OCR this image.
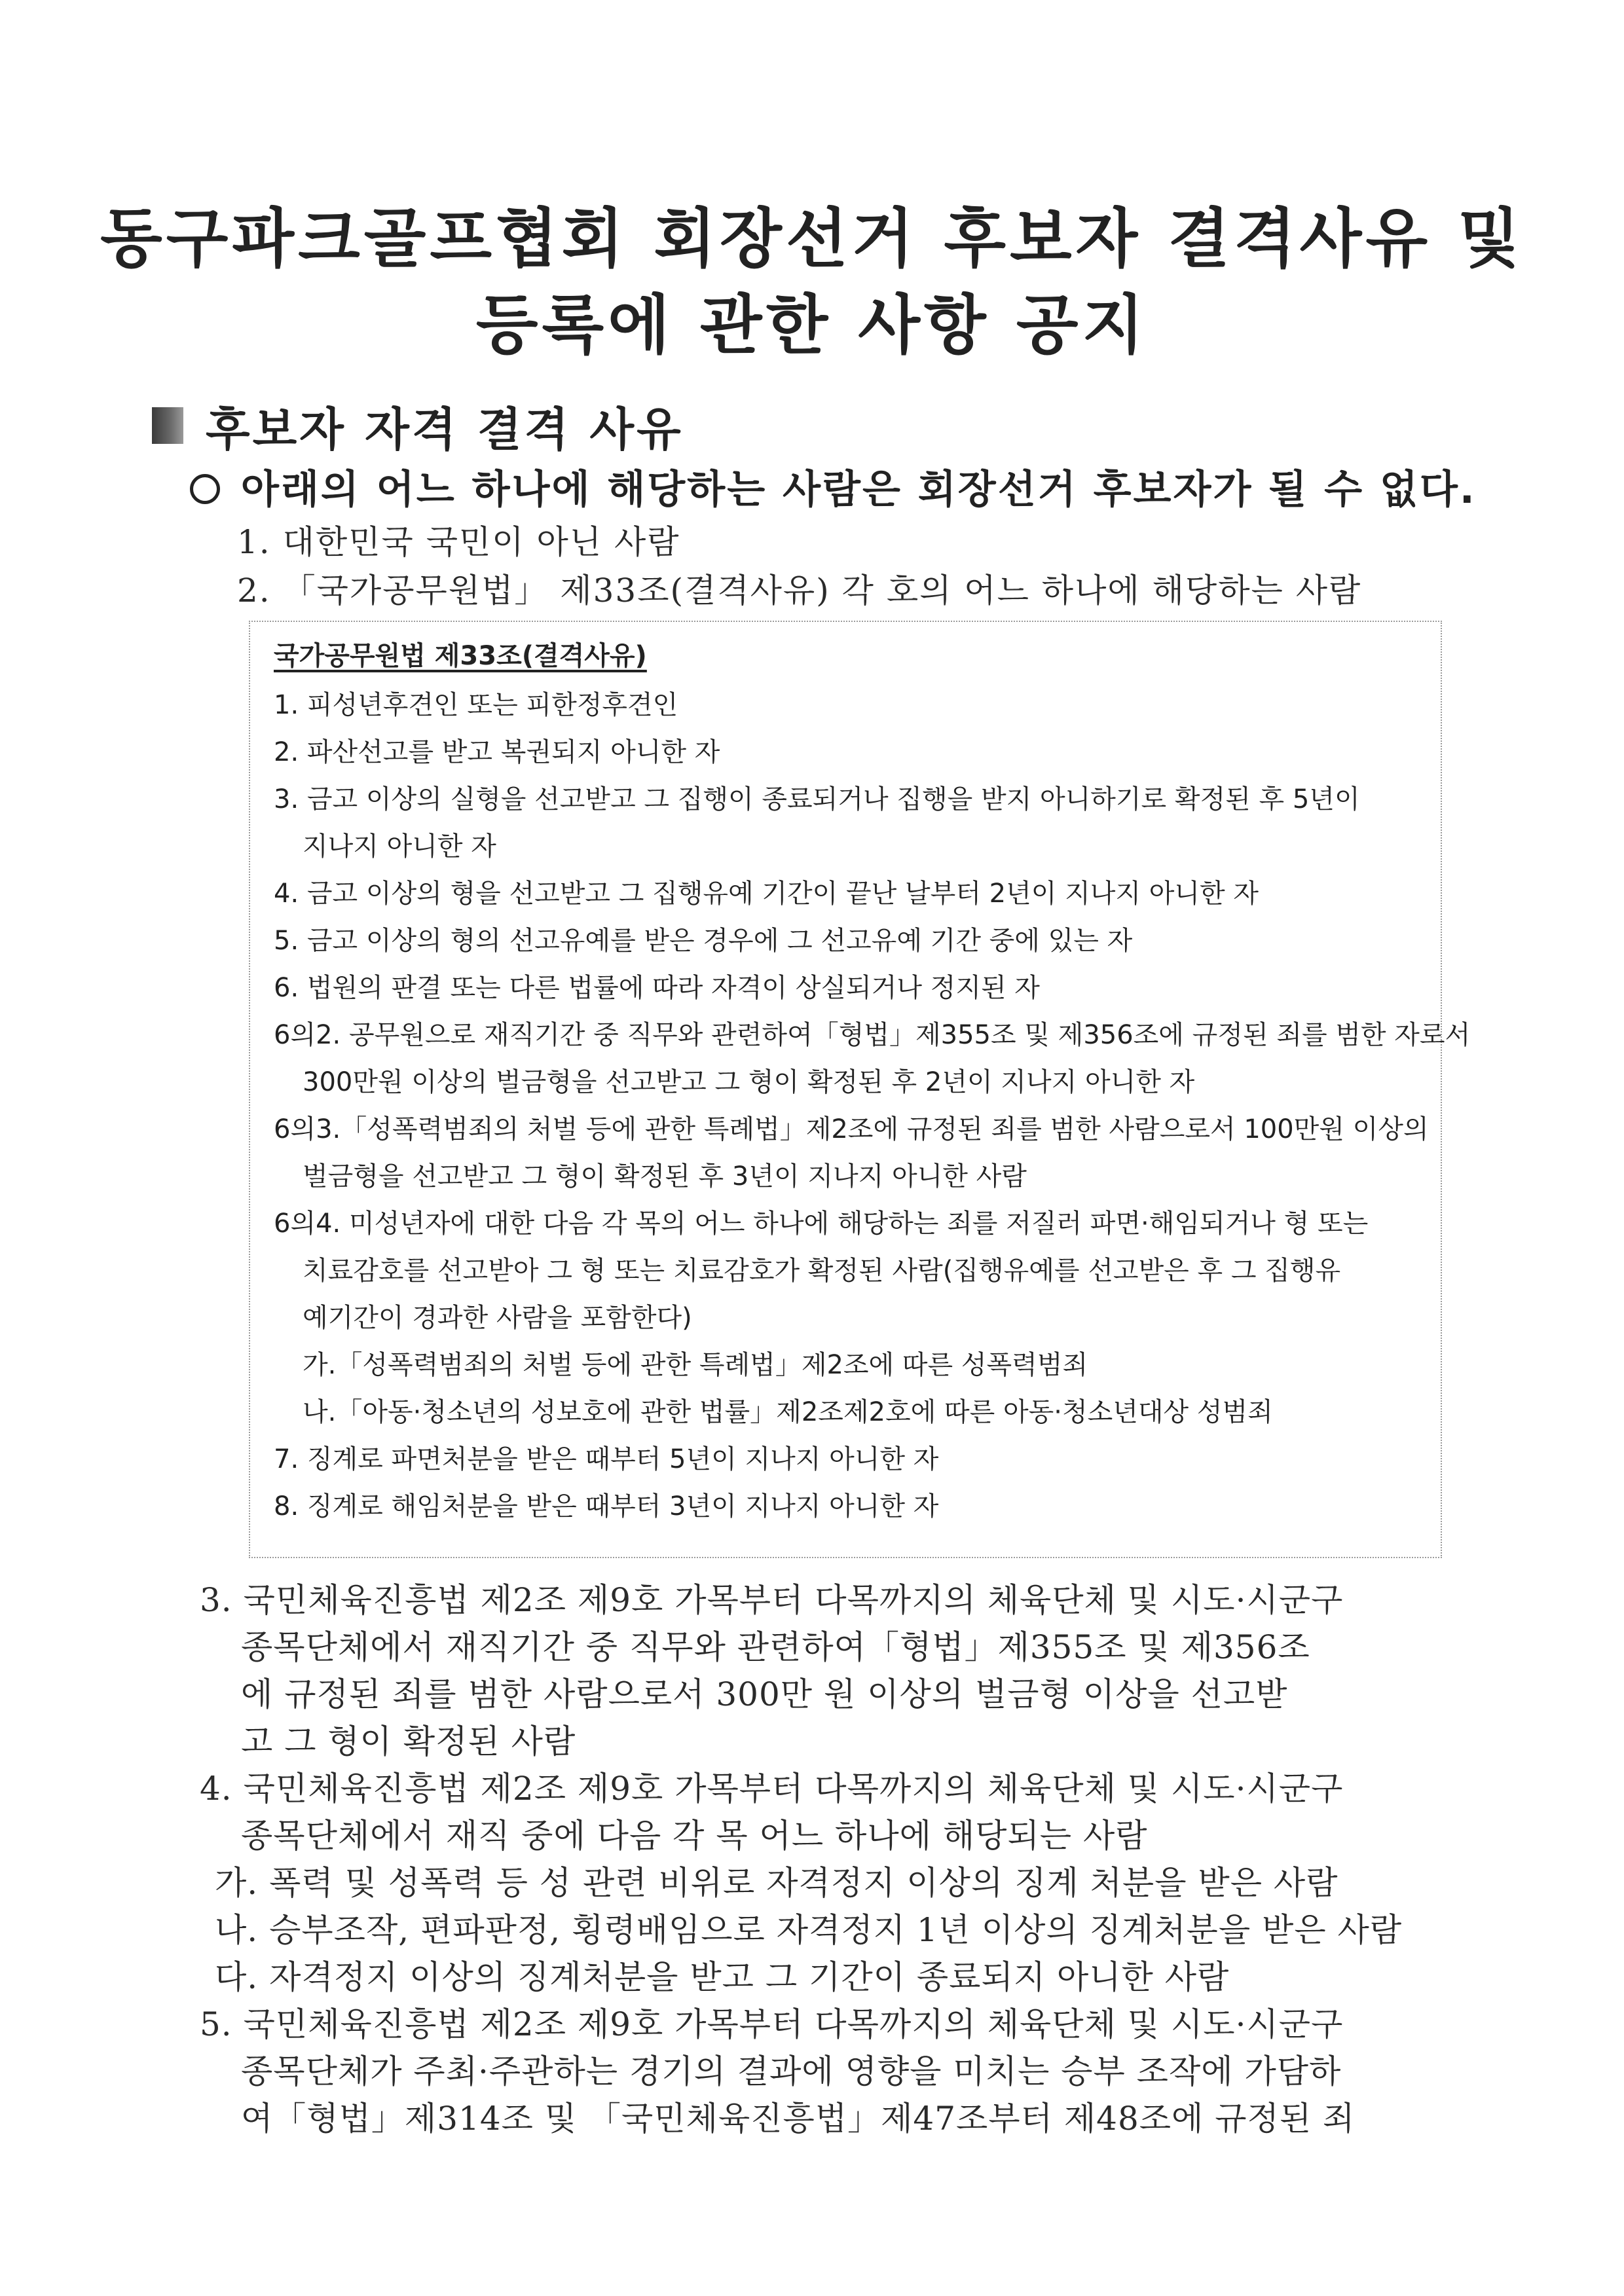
동구파크골프협회 회장선거 후보자 결격사유 및
등록에 관한 사항 공지
후보자 자격 결격 사유
아래의 어느 하나에 해당하는 사람은 회장선거 후보자가 될 수 없다.
1. 대한민국 국민이 아닌 사람
2. 「국가공무원법」 제33조(결격사유) 각 호의 어느 하나에 해당하는 사람
국가공무원법 제33조(결격사유)
1. 피성년후견인 또는 피한정후견인
2. 파산선고를 받고 복권되지 아니한 자
3. 금고 이상의 실형을 선고받고 그 집행이 종료되거나 집행을 받지 아니하기로 확정된 후 5년이
지나지 아니한 자
4. 금고 이상의 형을 선고받고 그 집행유예 기간이 끝난 날부터 2년이 지나지 아니한 자
5. 금고 이상의 형의 선고유예를 받은 경우에 그 선고유예 기간 중에 있는 자
6. 법원의 판결 또는 다른 법률에 따라 자격이 상실되거나 정지된 자
6의2. 공무원으로 재직기간 중 직무와 관련하여「형법」제355조 및 제356조에 규정된 죄를 범한 자로서
300만원 이상의 벌금형을 선고받고 그 형이 확정된 후 2년이 지나지 아니한 자
6의3.「성폭력범죄의 처벌 등에 관한 특례법」제2조에 규정된 죄를 범한 사람으로서 100만원 이상의
벌금형을 선고받고 그 형이 확정된 후 3년이 지나지 아니한 사람
6의4. 미성년자에 대한 다음 각 목의 어느 하나에 해당하는 죄를 저질러 파면·해임되거나 형 또는
치료감호를 선고받아 그 형 또는 치료감호가 확정된 사람(집행유예를 선고받은 후 그 집행유
예기간이 경과한 사람을 포함한다)
가.「성폭력범죄의 처벌 등에 관한 특례법」제2조에 따른 성폭력범죄
나.「아동·청소년의 성보호에 관한 법률」제2조제2호에 따른 아동·청소년대상 성범죄
7. 징계로 파면처분을 받은 때부터 5년이 지나지 아니한 자
8. 징계로 해임처분을 받은 때부터 3년이 지나지 아니한 자
3. 국민체육진흥법 제2조 제9호 가목부터 다목까지의 체육단체 및 시도·시군구
종목단체에서 재직기간 중 직무와 관련하여「형법」제355조 및 제356조
에 규정된 죄를 범한 사람으로서 300만 원 이상의 벌금형 이상을 선고받
고 그 형이 확정된 사람
4. 국민체육진흥법 제2조 제9호 가목부터 다목까지의 체육단체 및 시도·시군구
종목단체에서 재직 중에 다음 각 목 어느 하나에 해당되는 사람
가. 폭력 및 성폭력 등 성 관련 비위로 자격정지 이상의 징계 처분을 받은 사람
나. 승부조작, 편파판정, 횡령배임으로 자격정지 1년 이상의 징계처분을 받은 사람
다. 자격정지 이상의 징계처분을 받고 그 기간이 종료되지 아니한 사람
5. 국민체육진흥법 제2조 제9호 가목부터 다목까지의 체육단체 및 시도·시군구
종목단체가 주최·주관하는 경기의 결과에 영향을 미치는 승부 조작에 가담하
여「형법」제314조 및 「국민체육진흥법」제47조부터 제48조에 규정된 죄
